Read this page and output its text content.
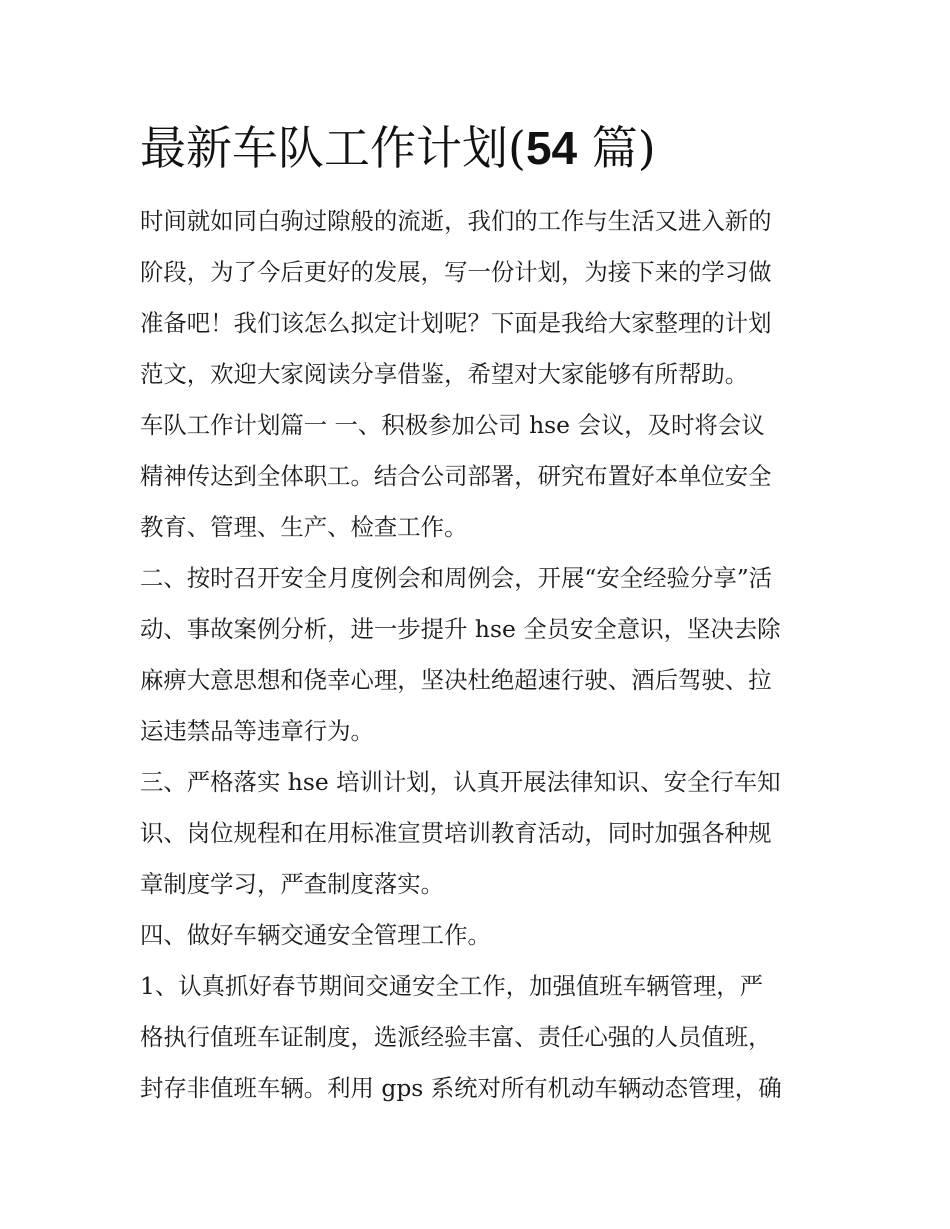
最新车队工作计划(54 篇)
时间就如同白驹过隙般的流逝，我们的工作与生活又进入新的
阶段，为了今后更好的发展，写一份计划，为接下来的学习做
准备吧！我们该怎么拟定计划呢？下面是我给大家整理的计划
范文，欢迎大家阅读分享借鉴，希望对大家能够有所帮助。
车队工作计划篇一 一、积极参加公司 hse 会议，及时将会议
精神传达到全体职工。结合公司部署，研究布置好本单位安全
教育、管理、生产、检查工作。
二、按时召开安全月度例会和周例会，开展“安全经验分享”活
动、事故案例分析，进一步提升 hse 全员安全意识，坚决去除
麻痹大意思想和侥幸心理，坚决杜绝超速行驶、酒后驾驶、拉
运违禁品等违章行为。
三、严格落实 hse 培训计划，认真开展法律知识、安全行车知
识、岗位规程和在用标准宣贯培训教育活动，同时加强各种规
章制度学习，严查制度落实。
四、做好车辆交通安全管理工作。
1、认真抓好春节期间交通安全工作，加强值班车辆管理，严
格执行值班车证制度，选派经验丰富、责任心强的人员值班，
封存非值班车辆。利用 gps 系统对所有机动车辆动态管理，确
